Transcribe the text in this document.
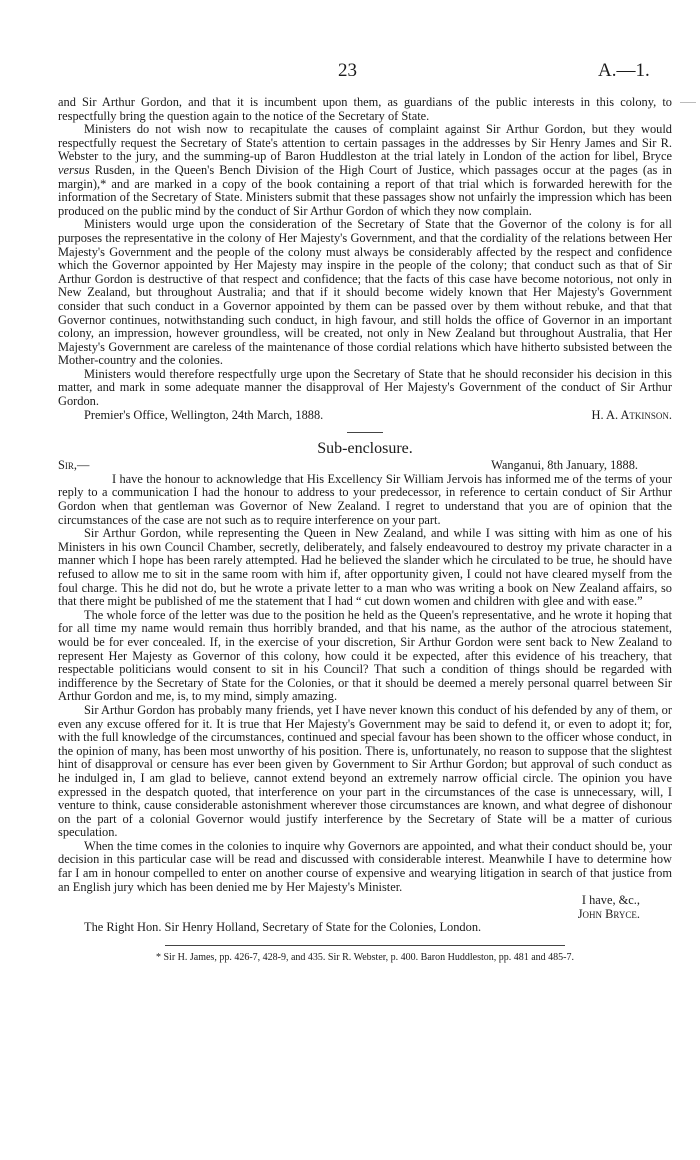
23	A.—1.

and Sir Arthur Gordon, and that it is incumbent upon them, as guardians of the public interests in this colony, to respectfully bring the question again to the notice of the Secretary of State.

Ministers do not wish now to recapitulate the causes of complaint against Sir Arthur Gordon, but they would respectfully request the Secretary of State's attention to certain passages in the addresses by Sir Henry James and Sir R. Webster to the jury, and the summing-up of Baron Huddleston at the trial lately in London of the action for libel, Bryce versus Rusden, in the Queen's Bench Division of the High Court of Justice, which passages occur at the pages (as in margin),* and are marked in a copy of the book containing a report of that trial which is forwarded herewith for the information of the Secretary of State. Ministers submit that these passages show not unfairly the impression which has been produced on the public mind by the conduct of Sir Arthur Gordon of which they now complain.

Ministers would urge upon the consideration of the Secretary of State that the Governor of the colony is for all purposes the representative in the colony of Her Majesty's Government, and that the cordiality of the relations between Her Majesty's Government and the people of the colony must always be considerably affected by the respect and confidence which the Governor appointed by Her Majesty may inspire in the people of the colony; that conduct such as that of Sir Arthur Gordon is destructive of that respect and confidence; that the facts of this case have become notorious, not only in New Zealand, but throughout Australia; and that if it should become widely known that Her Majesty's Government consider that such conduct in a Governor appointed by them can be passed over by them without rebuke, and that that Governor continues, notwithstanding such conduct, in high favour, and still holds the office of Governor in an important colony, an impression, however groundless, will be created, not only in New Zealand but throughout Australia, that Her Majesty's Government are careless of the maintenance of those cordial relations which have hitherto subsisted between the Mother-country and the colonies.

Ministers would therefore respectfully urge upon the Secretary of State that he should reconsider his decision in this matter, and mark in some adequate manner the disapproval of Her Majesty's Government of the conduct of Sir Arthur Gordon.

Premier's Office, Wellington, 24th March, 1888.	H. A. Atkinson.

Sub-enclosure.

Sir,—	Wanganui, 8th January, 1888.

I have the honour to acknowledge that His Excellency Sir William Jervois has informed me of the terms of your reply to a communication I had the honour to address to your predecessor, in reference to certain conduct of Sir Arthur Gordon when that gentleman was Governor of New Zealand. I regret to understand that you are of opinion that the circumstances of the case are not such as to require interference on your part.

Sir Arthur Gordon, while representing the Queen in New Zealand, and while I was sitting with him as one of his Ministers in his own Council Chamber, secretly, deliberately, and falsely endeavoured to destroy my private character in a manner which I hope has been rarely attempted. Had he believed the slander which he circulated to be true, he should have refused to allow me to sit in the same room with him if, after opportunity given, I could not have cleared myself from the foul charge. This he did not do, but he wrote a private letter to a man who was writing a book on New Zealand affairs, so that there might be published of me the statement that I had “ cut down women and children with glee and with ease.”

The whole force of the letter was due to the position he held as the Queen's representative, and he wrote it hoping that for all time my name would remain thus horribly branded, and that his name, as the author of the atrocious statement, would be for ever concealed. If, in the exercise of your discretion, Sir Arthur Gordon were sent back to New Zealand to represent Her Majesty as Governor of this colony, how could it be expected, after this evidence of his treachery, that respectable politicians would consent to sit in his Council? That such a condition of things should be regarded with indifference by the Secretary of State for the Colonies, or that it should be deemed a merely personal quarrel between Sir Arthur Gordon and me, is, to my mind, simply amazing.

Sir Arthur Gordon has probably many friends, yet I have never known this conduct of his defended by any of them, or even any excuse offered for it. It is true that Her Majesty's Government may be said to defend it, or even to adopt it; for, with the full knowledge of the circumstances, continued and special favour has been shown to the officer whose conduct, in the opinion of many, has been most unworthy of his position. There is, unfortunately, no reason to suppose that the slightest hint of disapproval or censure has ever been given by Government to Sir Arthur Gordon; but approval of such conduct as he indulged in, I am glad to believe, cannot extend beyond an extremely narrow official circle. The opinion you have expressed in the despatch quoted, that interference on your part in the circumstances of the case is unnecessary, will, I venture to think, cause considerable astonishment wherever those circumstances are known, and what degree of dishonour on the part of a colonial Governor would justify interference by the Secretary of State will be a matter of curious speculation.

When the time comes in the colonies to inquire why Governors are appointed, and what their conduct should be, your decision in this particular case will be read and discussed with considerable interest. Meanwhile I have to determine how far I am in honour compelled to enter on another course of expensive and wearying litigation in search of that justice from an English jury which has been denied me by Her Majesty's Minister.

I have, &c.,
John Bryce.
The Right Hon. Sir Henry Holland, Secretary of State for the Colonies, London.
* Sir H. James, pp. 426-7, 428-9, and 435. Sir R. Webster, p. 400. Baron Huddleston, pp. 481 and 485-7.
